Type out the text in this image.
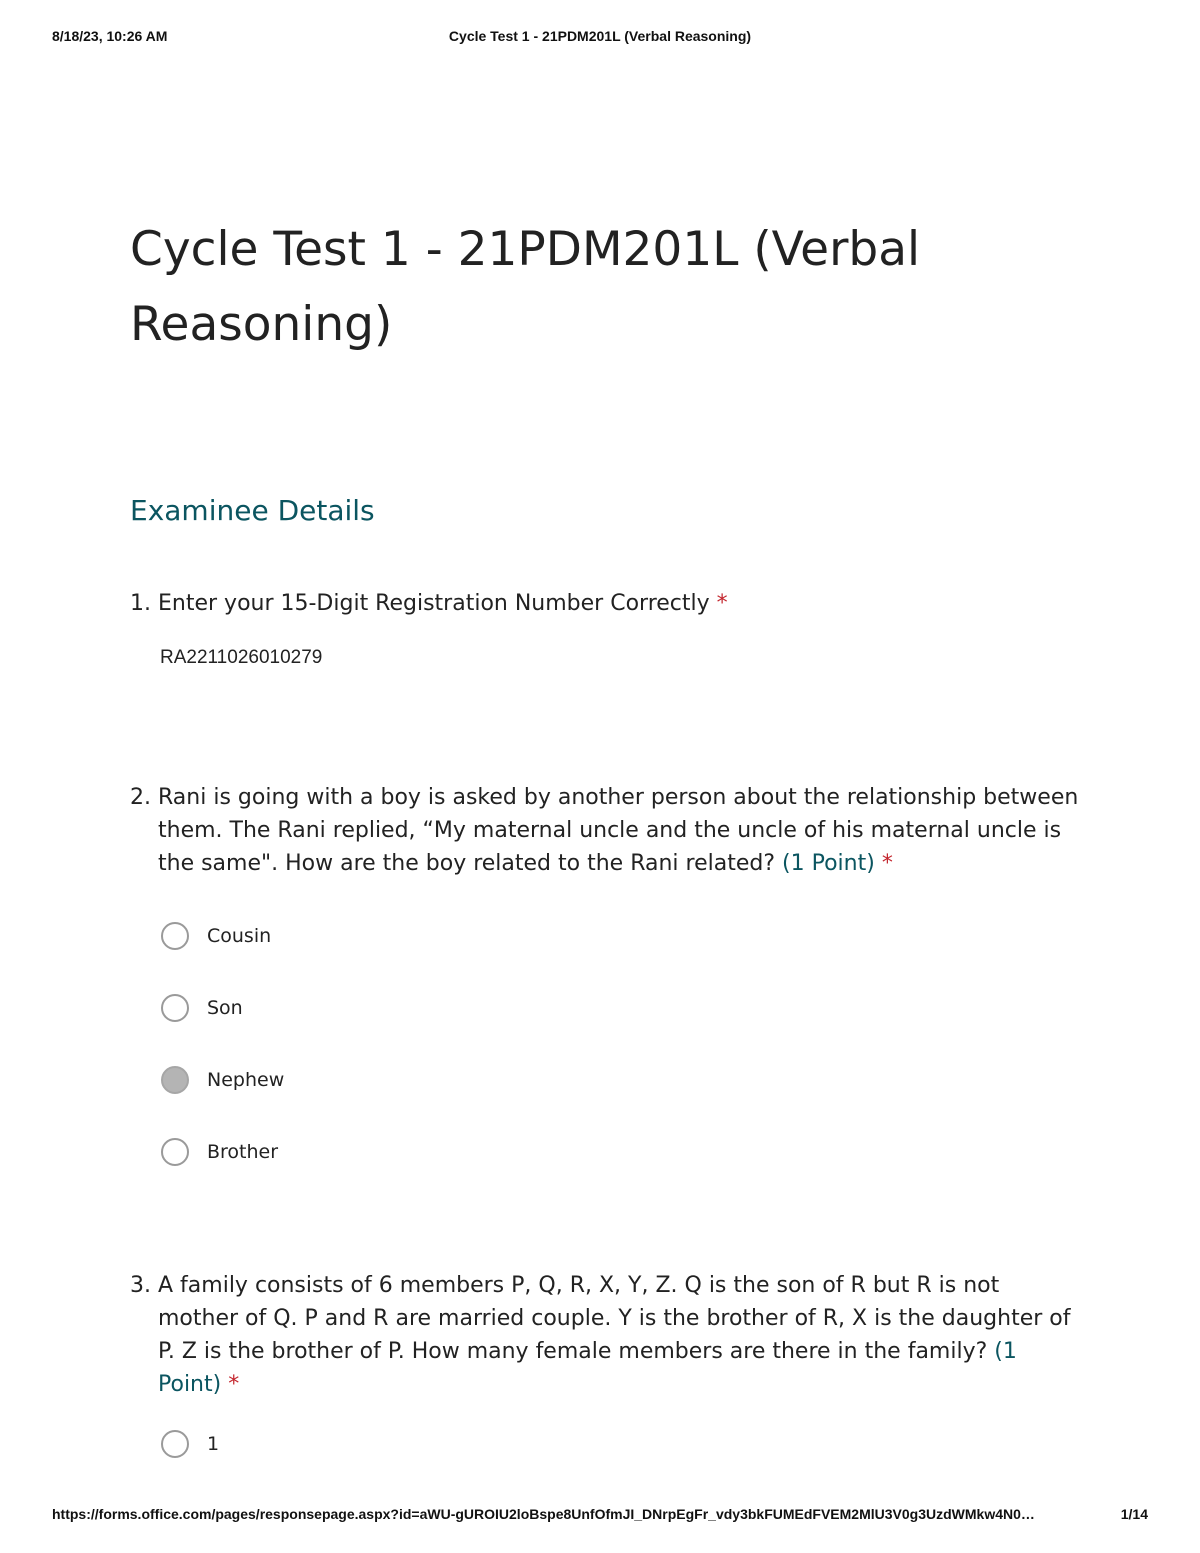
8/18/23, 10:26 AM	Cycle Test 1 - 21PDM201L (Verbal Reasoning)
Cycle Test 1 - 21PDM201L (Verbal Reasoning)
Examinee Details
1. Enter your 15-Digit Registration Number Correctly *
RA2211026010279
2. Rani is going with a boy is asked by another person about the relationship between them. The Rani replied, “My maternal uncle and the uncle of his maternal uncle is the same". How are the boy related to the Rani related? (1 Point) *
Cousin
Son
Nephew
Brother
3. A family consists of 6 members P, Q, R, X, Y, Z. Q is the son of R but R is not mother of Q. P and R are married couple. Y is the brother of R, X is the daughter of P. Z is the brother of P. How many female members are there in the family? (1 Point) *
1
https://forms.office.com/pages/responsepage.aspx?id=aWU-gUROIU2loBspe8UnfOfmJI_DNrpEgFr_vdy3bkFUMEdFVEM2MlU3V0g3UzdWMkw4N0…	1/14
